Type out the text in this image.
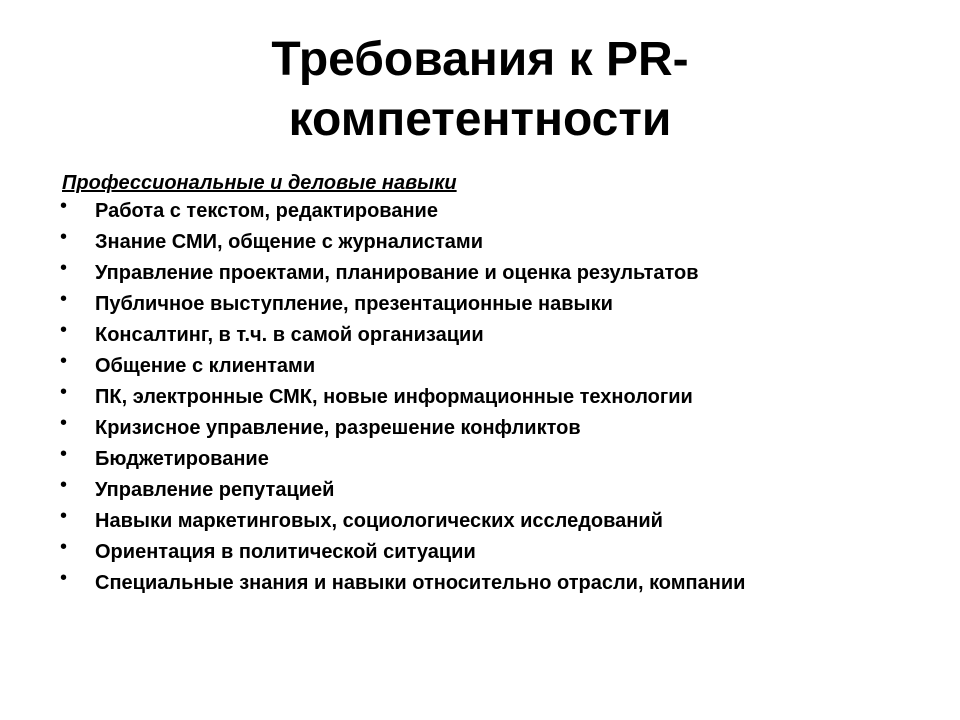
Требования к PR-
компетентности
Профессиональные и деловые навыки
• Работа с текстом, редактирование
• Знание СМИ, общение с журналистами
• Управление проектами, планирование и оценка результатов
• Публичное выступление, презентационные навыки
• Консалтинг, в т.ч. в самой организации
• Общение с клиентами
• ПК, электронные СМК, новые информационные технологии
• Кризисное управление, разрешение конфликтов
• Бюджетирование
• Управление репутацией
• Навыки маркетинговых, социологических исследований
• Ориентация в политической ситуации
• Специальные знания и навыки относительно отрасли, компании
